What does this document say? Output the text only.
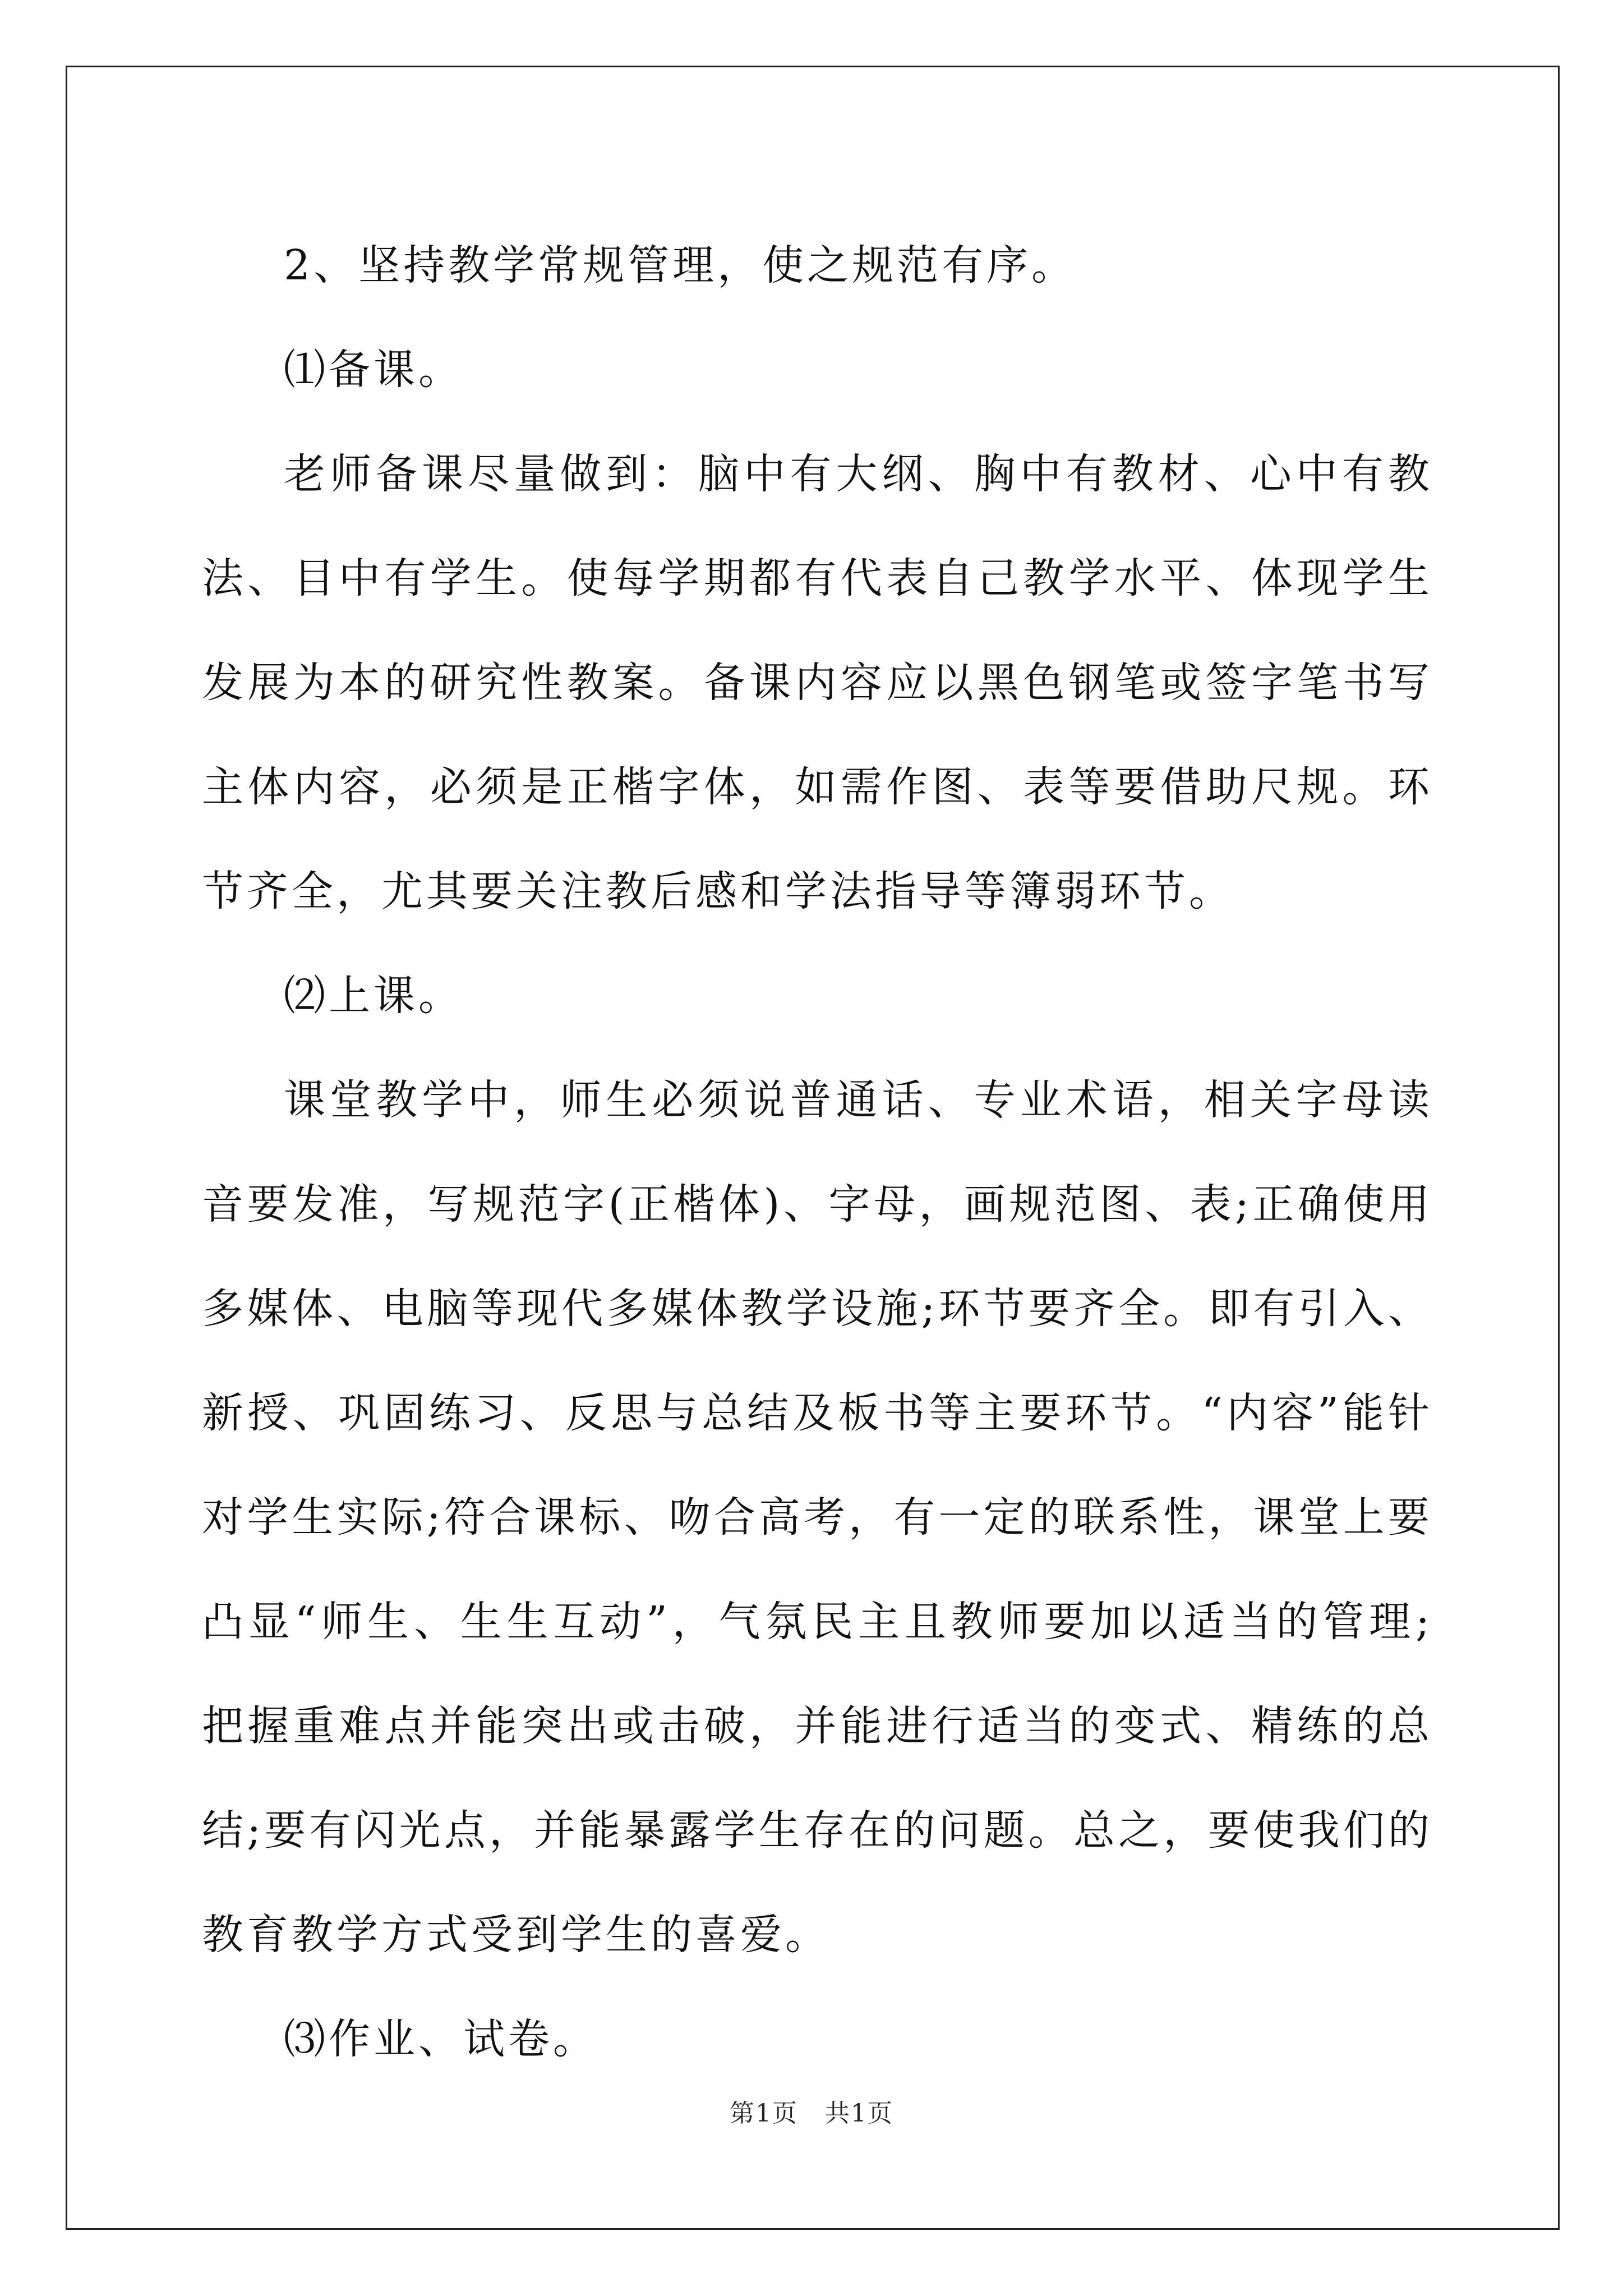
2、坚持教学常规管理，使之规范有序。

⑴备课。

老师备课尽量做到：脑中有大纲、胸中有教材、心中有教法、目中有学生。使每学期都有代表自己教学水平、体现学生发展为本的研究性教案。备课内容应以黑色钢笔或签字笔书写主体内容，必须是正楷字体，如需作图、表等要借助尺规。环节齐全，尤其要关注教后感和学法指导等簿弱环节。

⑵上课。

课堂教学中，师生必须说普通话、专业术语，相关字母读音要发准，写规范字(正楷体)、字母，画规范图、表;正确使用多媒体、电脑等现代多媒体教学设施;环节要齐全。即有引入、新授、巩固练习、反思与总结及板书等主要环节。“内容”能针对学生实际;符合课标、吻合高考，有一定的联系性，课堂上要凸显“师生、生生互动”，气氛民主且教师要加以适当的管理;把握重难点并能突出或击破，并能进行适当的变式、精练的总结;要有闪光点，并能暴露学生存在的问题。总之，要使我们的教育教学方式受到学生的喜爱。

⑶作业、试卷。

第1页 共1页
